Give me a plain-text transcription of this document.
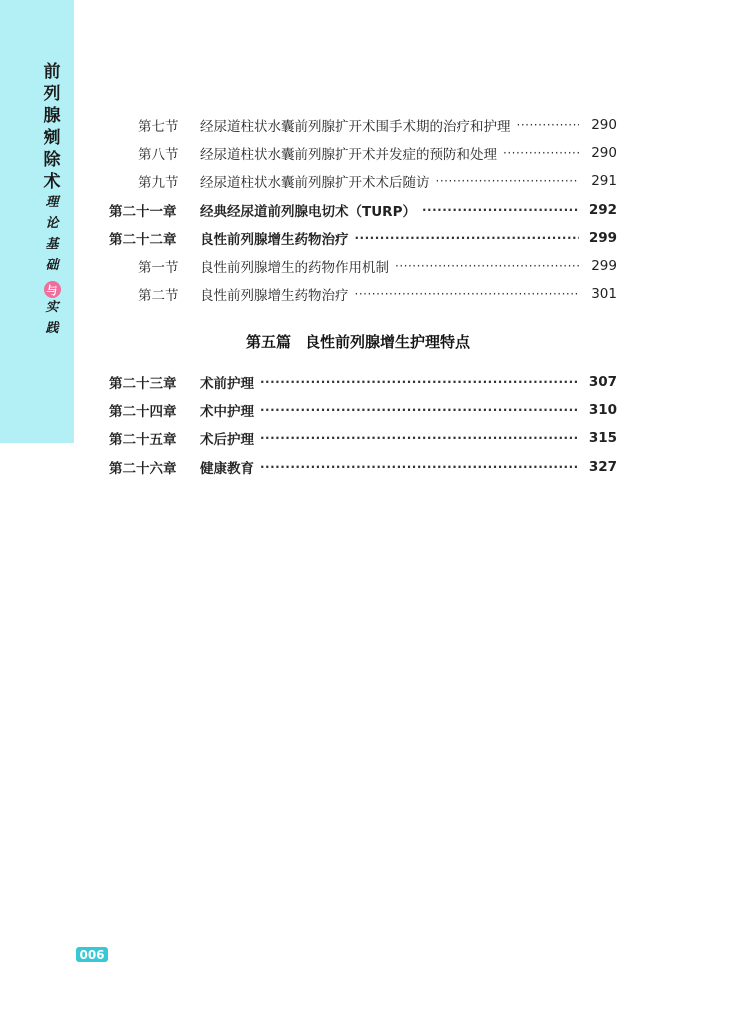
前
列
腺
剜
除
术
理
论
基
础
与
实
践
第七节	经尿道柱状水囊前列腺扩开术围手术期的治疗和护理 ·····	290
第八节	经尿道柱状水囊前列腺扩开术并发症的预防和处理 ·····	290
第九节	经尿道柱状水囊前列腺扩开术术后随访 ·····	291
第二十一章	经典经尿道前列腺电切术（TURP） ·····	292
第二十二章	良性前列腺增生药物治疗 ·····	299
第一节	良性前列腺增生的药物作用机制 ·····	299
第二节	良性前列腺增生药物治疗 ·····	301
第五篇 良性前列腺增生护理特点
第二十三章	术前护理 ·····	307
第二十四章	术中护理 ·····	310
第二十五章	术后护理 ·····	315
第二十六章	健康教育 ·····	327
006
